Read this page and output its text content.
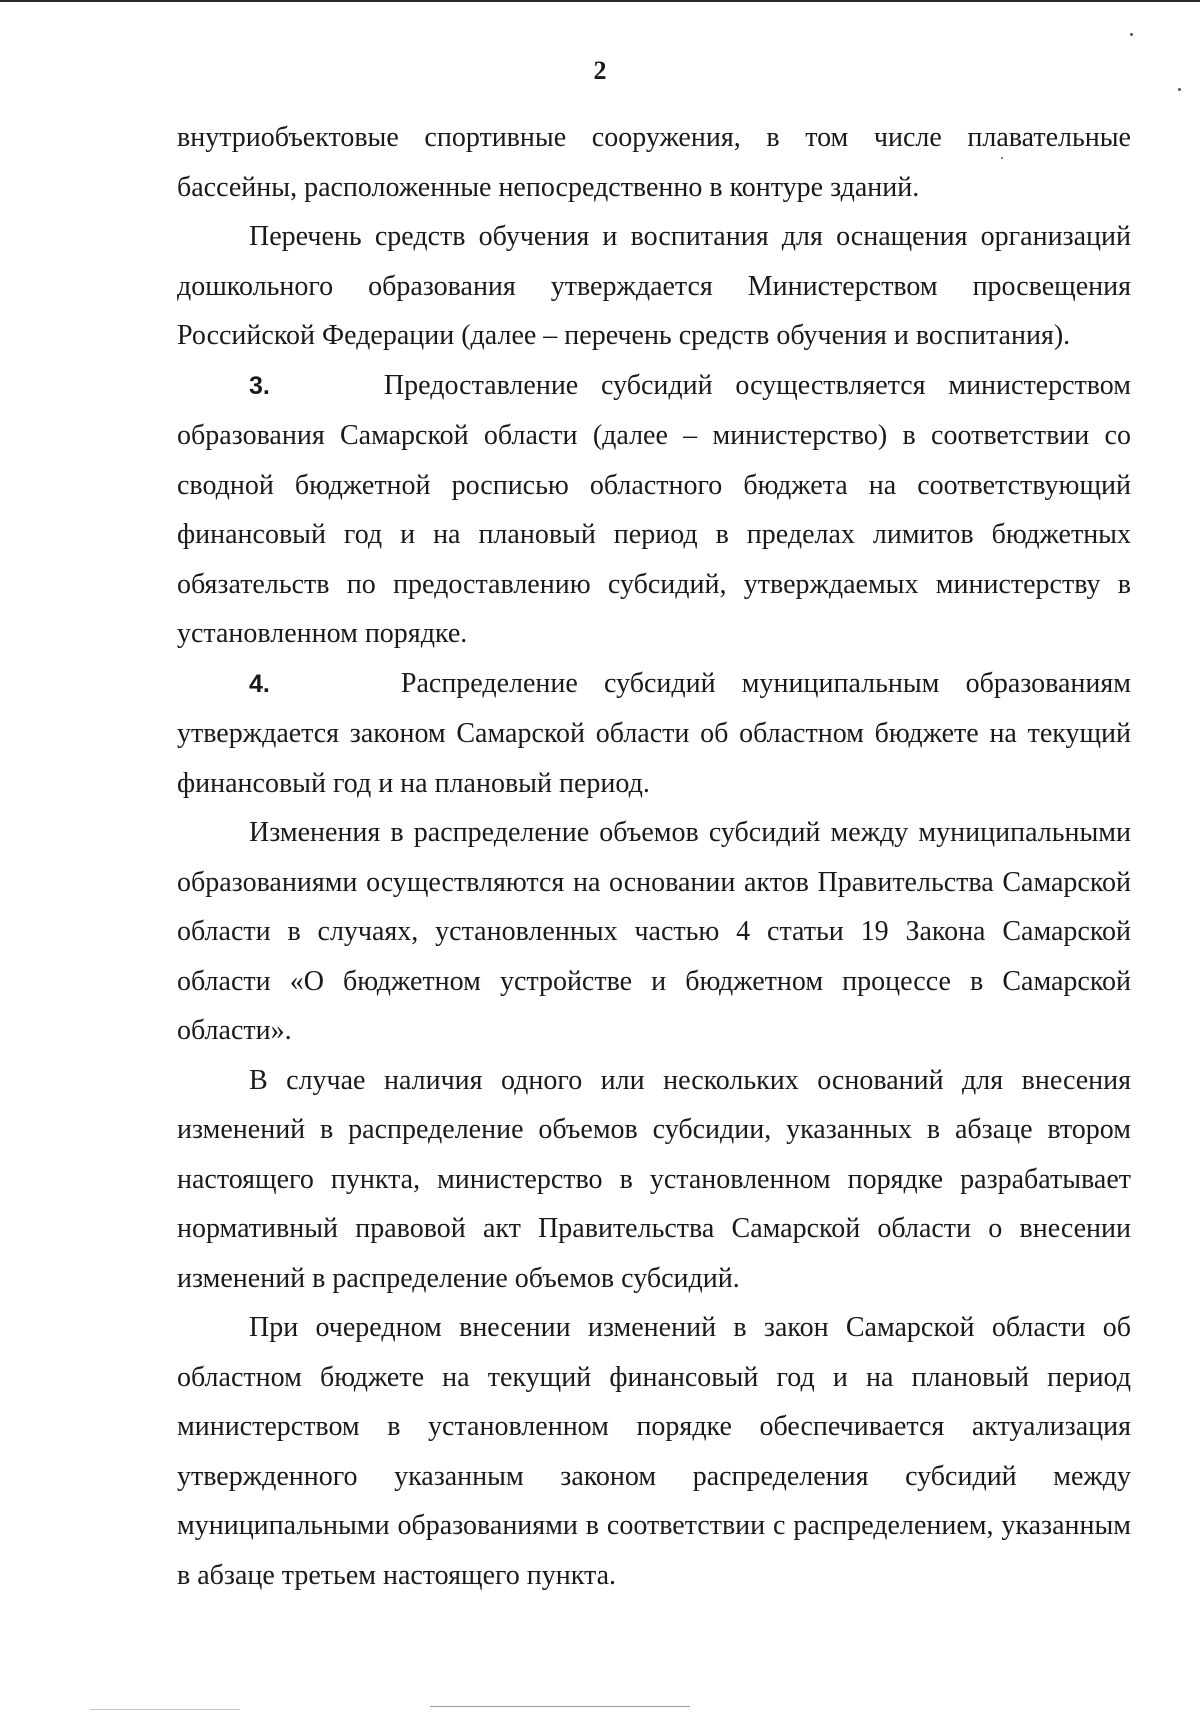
2

внутриобъектовые спортивные сооружения, в том числе плавательные бассейны, расположенные непосредственно в контуре зданий.

Перечень средств обучения и воспитания для оснащения организаций дошкольного образования утверждается Министерством просвещения Российской Федерации (далее – перечень средств обучения и воспитания).

3.	Предоставление субсидий осуществляется министерством образования Самарской области (далее – министерство) в соответствии со сводной бюджетной росписью областного бюджета на соответствующий финансовый год и на плановый период в пределах лимитов бюджетных обязательств по предоставлению субсидий, утверждаемых министерству в установленном порядке.

4.	Распределение субсидий муниципальным образованиям утверждается законом Самарской области об областном бюджете на текущий финансовый год и на плановый период.

Изменения в распределение объемов субсидий между муниципальными образованиями осуществляются на основании актов Правительства Самарской области в случаях, установленных частью 4 статьи 19 Закона Самарской области «О бюджетном устройстве и бюджетном процессе в Самарской области».

В случае наличия одного или нескольких оснований для внесения изменений в распределение объемов субсидии, указанных в абзаце втором настоящего пункта, министерство в установленном порядке разрабатывает нормативный правовой акт Правительства Самарской области о внесении изменений в распределение объемов субсидий.

При очередном внесении изменений в закон Самарской области об областном бюджете на текущий финансовый год и на плановый период министерством в установленном порядке обеспечивается актуализация утвержденного указанным законом распределения субсидий между муниципальными образованиями в соответствии с распределением, указанным в абзаце третьем настоящего пункта.
